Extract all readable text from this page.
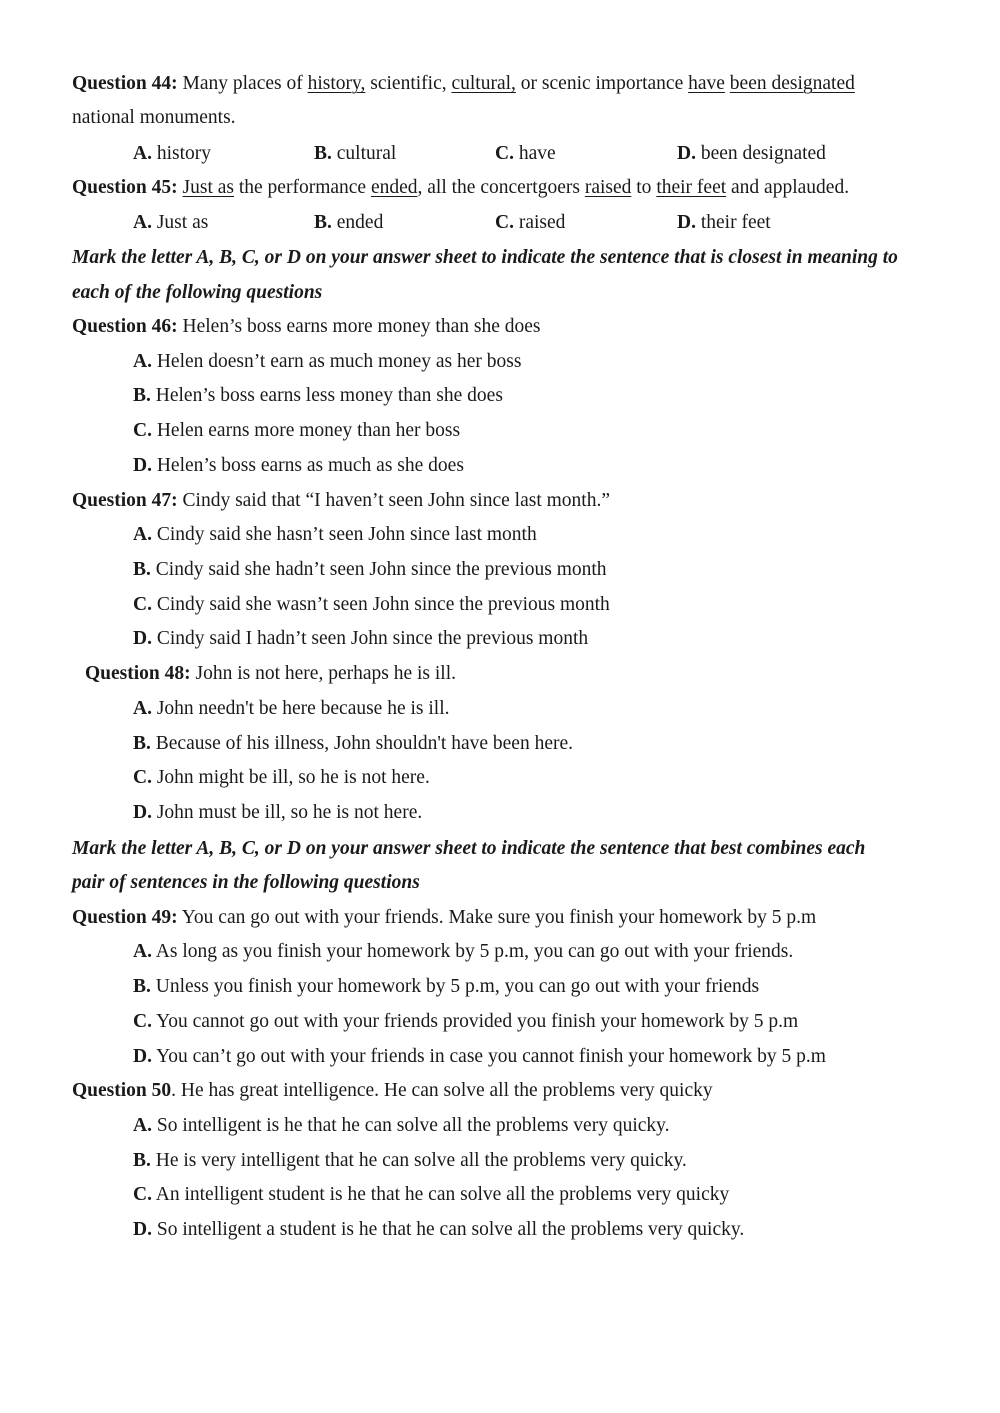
Question 44: Many places of history, scientific, cultural, or scenic importance have been designated
national monuments.
A. history	B. cultural	C. have	D. been designated
Question 45: Just as the performance ended, all the concertgoers raised to their feet and applauded.
A. Just as	B. ended	C. raised	D. their feet
Mark the letter A, B, C, or D on your answer sheet to indicate the sentence that is closest in meaning to
each of the following questions
Question 46: Helen’s boss earns more money than she does
A. Helen doesn’t earn as much money as her boss
B. Helen’s boss earns less money than she does
C. Helen earns more money than her boss
D. Helen’s boss earns as much as she does
Question 47: Cindy said that “I haven’t seen John since last month.”
A. Cindy said she hasn’t seen John since last month
B. Cindy said she hadn’t seen John since the previous month
C. Cindy said she wasn’t seen John since the previous month
D. Cindy said I hadn’t seen John since the previous month
Question 48: John is not here, perhaps he is ill.
A. John needn't be here because he is ill.
B. Because of his illness, John shouldn't have been here.
C. John might be ill, so he is not here.
D. John must be ill, so he is not here.
Mark the letter A, B, C, or D on your answer sheet to indicate the sentence that best combines each
pair of sentences in the following questions
Question 49: You can go out with your friends. Make sure you finish your homework by 5 p.m
A. As long as you finish your homework by 5 p.m, you can go out with your friends.
B. Unless you finish your homework by 5 p.m, you can go out with your friends
C. You cannot go out with your friends provided you finish your homework by 5 p.m
D. You can’t go out with your friends in case you cannot finish your homework by 5 p.m
Question 50. He has great intelligence. He can solve all the problems very quicky
A. So intelligent is he that he can solve all the problems very quicky.
B. He is very intelligent that he can solve all the problems very quicky.
C. An intelligent student is he that he can solve all the problems very quicky
D. So intelligent a student is he that he can solve all the problems very quicky.
